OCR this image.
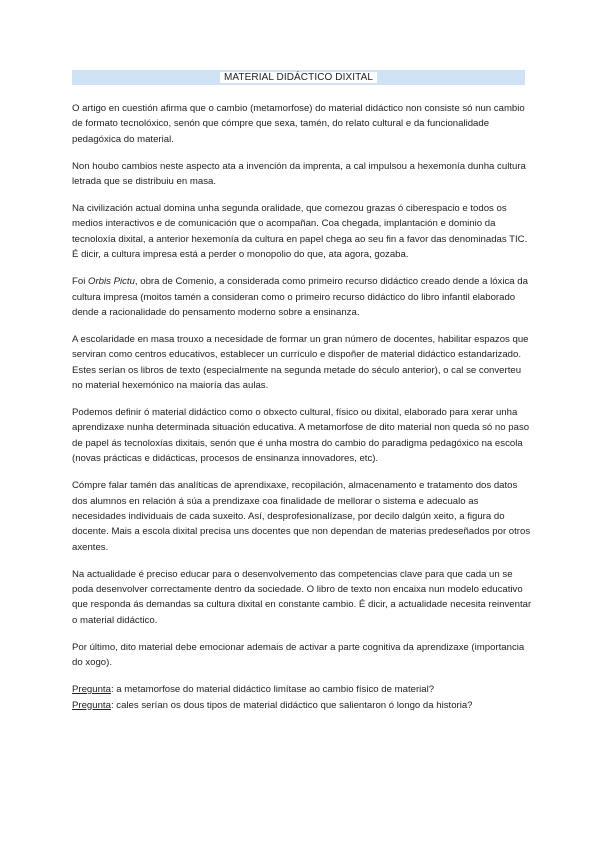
MATERIAL DIDÁCTICO DIXITAL

O artigo en cuestión afirma que o cambio (metamorfose) do material didáctico non consiste só nun cambio de formato tecnolóxico, senón que cómpre que sexa, tamén, do relato cultural e da funcionalidade pedagóxica do material.

Non houbo cambios neste aspecto ata a invención da imprenta, a cal impulsou a hexemonía dunha cultura letrada que se distribuiu en masa.

Na civilización actual domina unha segunda oralidade, que comezou grazas ó ciberespacio e todos os medios interactivos e de comunicación que o acompañan. Coa chegada, implantación e dominio da tecnoloxía dixital, a anterior hexemonía da cultura en papel chega ao seu fin a favor das denominadas TIC. É dicir, a cultura impresa está a perder o monopolio do que, ata agora, gozaba.

Foi Orbis Pictu, obra de Comenio, a considerada como primeiro recurso didáctico creado dende a lóxica da cultura impresa (moitos tamén a consideran como o primeiro recurso didáctico do libro infantil elaborado dende a racionalidade do pensamento moderno sobre a ensinanza.

A escolaridade en masa trouxo a necesidade de formar un gran número de docentes, habilitar espazos que serviran como centros educativos, establecer un currículo e dispoñer de material didáctico estandarizado. Estes serían os libros de texto (especialmente na segunda metade do século anterior), o cal se converteu no material hexemónico na maioría das aulas.

Podemos definir ó material didáctico como o obxecto cultural, físico ou dixital, elaborado para xerar unha aprendizaxe nunha determinada situación educativa. A metamorfose de dito material non queda só no paso de papel ás tecnoloxías dixitais, senón que é unha mostra do cambio do paradigma pedagóxico na escola (novas prácticas e didácticas, procesos de ensinanza innovadores, etc).

Cómpre falar tamén das analíticas de aprendixaxe, recopilación, almacenamento e tratamento dos datos dos alumnos en relación á súa a prendizaxe coa finalidade de mellorar o sistema e adecualo as necesidades individuais de cada suxeito. Así, desprofesionalízase, por decilo dalgún xeito, a figura do docente. Mais a escola dixital precisa uns docentes que non dependan de materias predeseñados por otros axentes.

Na actualidade é preciso educar para o desenvolvemento das competencias clave para que cada un se poda desenvolver correctamente dentro da sociedade. O libro de texto non encaixa nun modelo educativo que responda ás demandas sa cultura dixital en constante cambio. É dicir, a actualidade necesita reinventar o material didáctico.

Por último, dito material debe emocionar ademais de activar a parte cognitiva da aprendizaxe (importancia do xogo).

Pregunta: a metamorfose do material didáctico limítase ao cambio físico de material?

Pregunta: cales serían os dous tipos de material didáctico que salientaron ó longo da historia?
